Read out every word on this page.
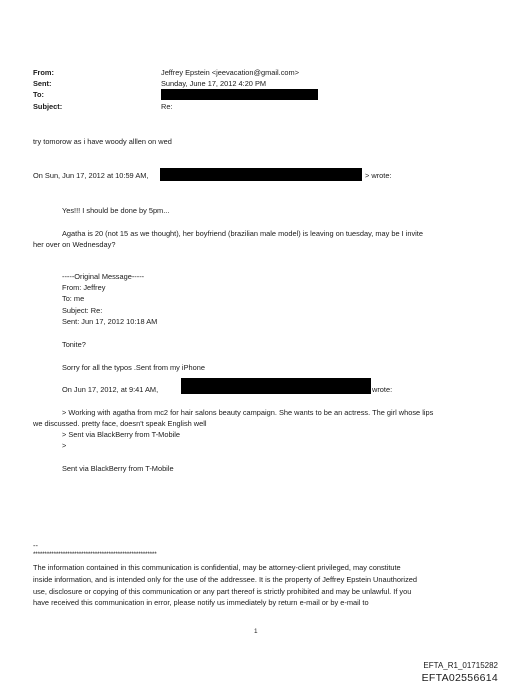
From:
Sent:
To:
Subject:
Jeffrey Epstein <jeevacation@gmail.com>
Sunday, June 17, 2012 4:20 PM
Re:
try tomorow as i have woody alllen on wed
On Sun, Jun 17, 2012 at 10:59 AM,	> wrote:
Yes!!! I should be done by 5pm...
Agatha is 20 (not 15 as we thought), her boyfriend (brazilian male model) is leaving on tuesday, may be I invite
her over on Wednesday?
-----Original Message-----
From: Jeffrey
To: me
Subject: Re:
Sent: Jun 17, 2012 10:18 AM
Tonite?
Sorry for all the typos .Sent from my iPhone
On Jun 17, 2012, at 9:41 AM,	wrote:
> Working with agatha from mc2 for hair salons beauty campaign. She wants to be an actress. The girl whose lips
we discussed. pretty face, doesn't speak English well
> Sent via BlackBerry from T-Mobile
>
Sent via BlackBerry from T-Mobile
--
******************************************************
The information contained in this communication is confidential, may be attorney-client privileged, may constitute
inside information, and is intended only for the use of the addressee. It is the property of Jeffrey Epstein Unauthorized
use, disclosure or copying of this communication or any part thereof is strictly prohibited and may be unlawful. If you
have received this communication in error, please notify us immediately by return e-mail or by e-mail to
1
EFTA_R1_01715282
EFTA02556614
